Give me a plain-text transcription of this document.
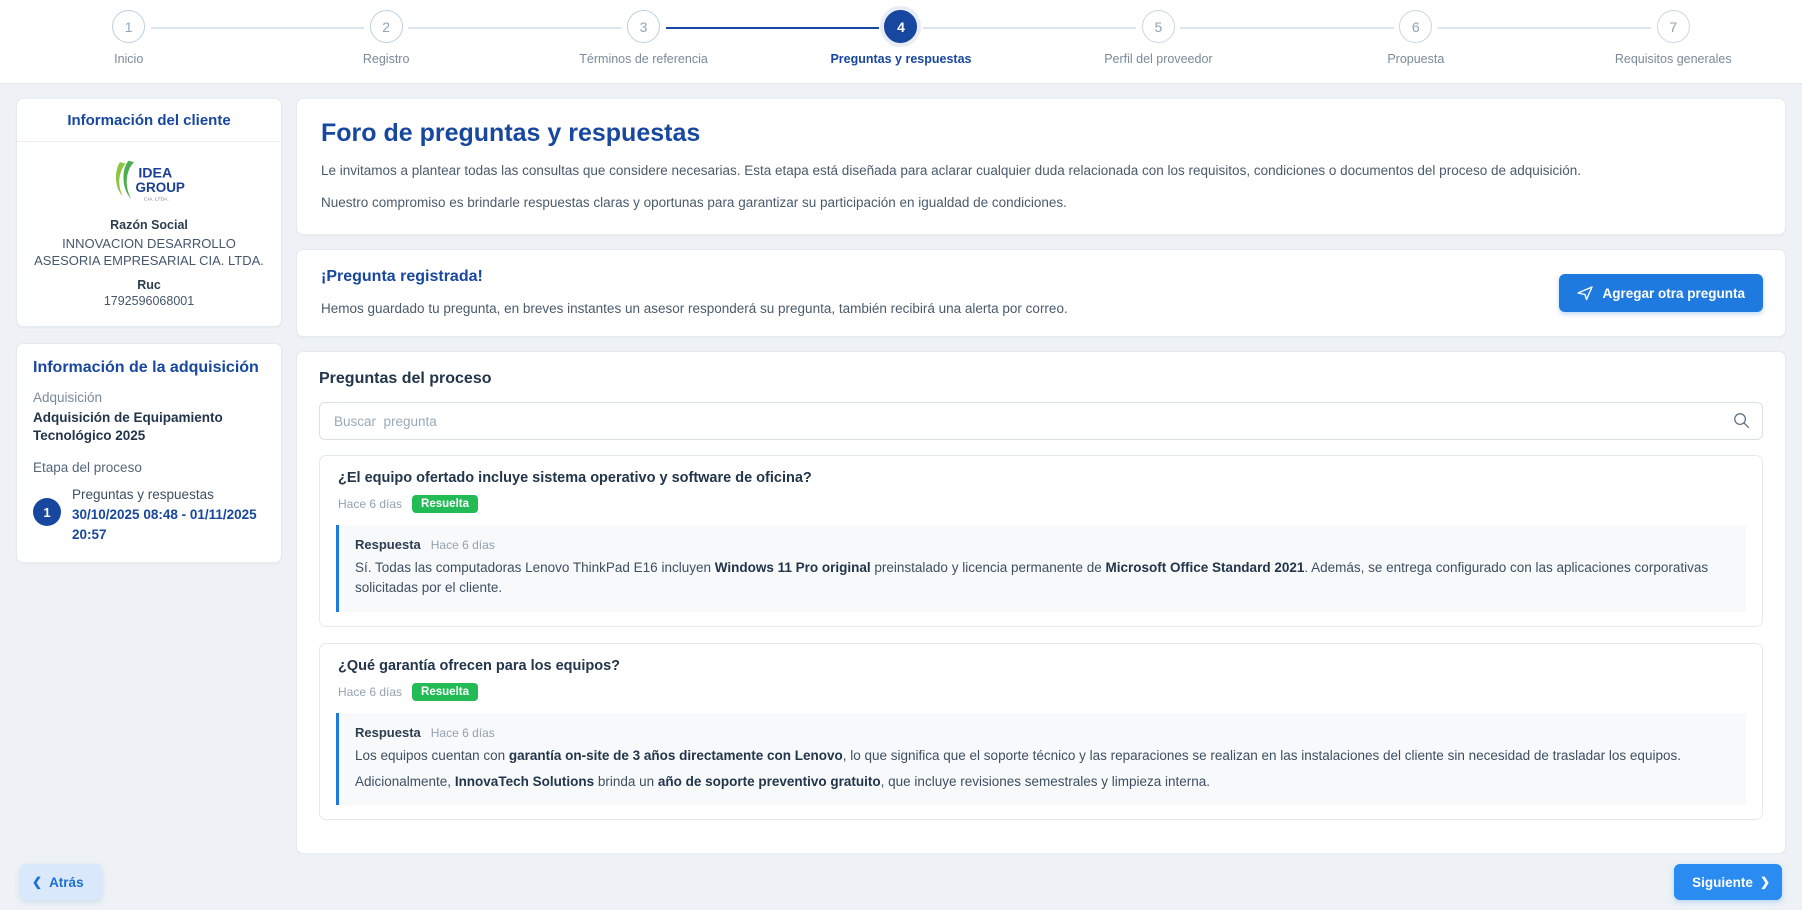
1
Inicio
2
Registro
3
Términos de referencia
4
Preguntas y respuestas
5
Perfil del proveedor
6
Propuesta
7
Requisitos generales
Información del cliente
IDEA
GROUP
CIA. LTDA.
Razón Social
INNOVACION DESARROLLO ASESORIA EMPRESARIAL CIA. LTDA.
Ruc
1792596068001
Información de la adquisición
Adquisición
Adquisición de Equipamiento Tecnológico 2025
Etapa del proceso
1
Preguntas y respuestas
30/10/2025 08:48 - 01/11/2025 20:57
Foro de preguntas y respuestas

Le invitamos a plantear todas las consultas que considere necesarias. Esta etapa está diseñada para aclarar cualquier duda relacionada con los requisitos, condiciones o documentos del proceso de adquisición.

Nuestro compromiso es brindarle respuestas claras y oportunas para garantizar su participación en igualdad de condiciones.

¡Pregunta registrada!

Hemos guardado tu pregunta, en breves instantes un asesor responderá su pregunta, también recibirá una alerta por correo.

Agregar otra pregunta
Preguntas del proceso
Buscar pregunta
¿El equipo ofertado incluye sistema operativo y software de oficina?
Hace 6 días	Resuelta
Respuesta Hace 6 días

Sí. Todas las computadoras Lenovo ThinkPad E16 incluyen Windows 11 Pro original preinstalado y licencia permanente de Microsoft Office Standard 2021. Además, se entrega configurado con las aplicaciones corporativas solicitadas por el cliente.

¿Qué garantía ofrecen para los equipos?
Hace 6 días	Resuelta
Respuesta Hace 6 días

Los equipos cuentan con garantía on-site de 3 años directamente con Lenovo, lo que significa que el soporte técnico y las reparaciones se realizan en las instalaciones del cliente sin necesidad de trasladar los equipos.

Adicionalmente, InnovaTech Solutions brinda un año de soporte preventivo gratuito, que incluye revisiones semestrales y limpieza interna.

❮ Atrás	Siguiente ❯
